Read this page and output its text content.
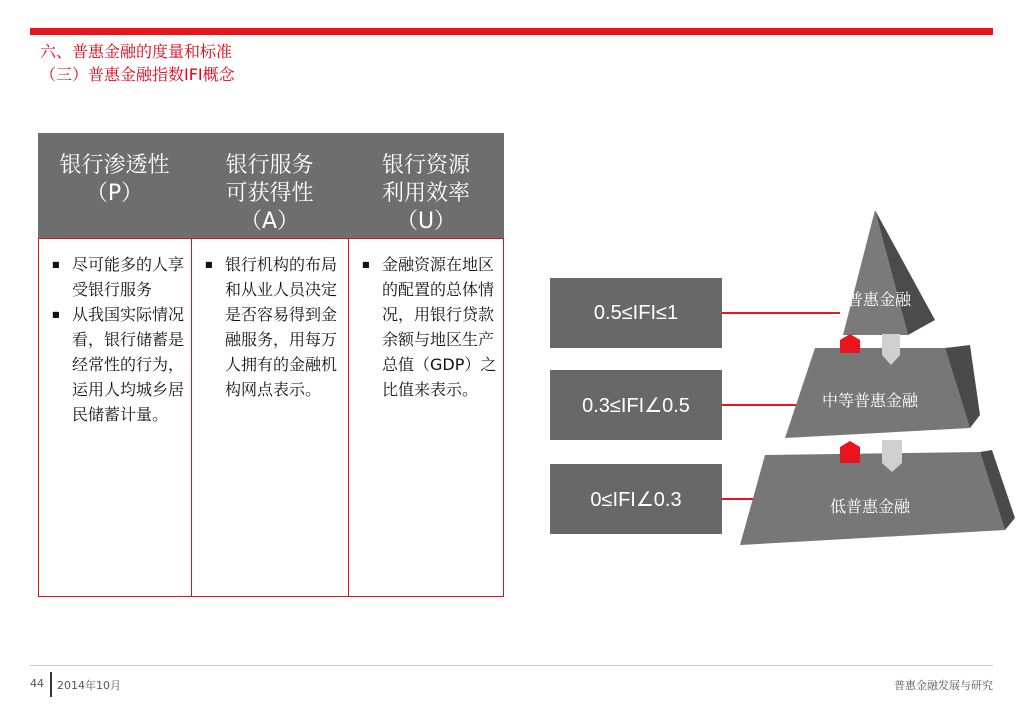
六、普惠金融的度量和标准
（三）普惠金融指数IFI概念
银行渗透性（P）
银行服务可获得性（A）
银行资源利用效率（U）
■ 尽可能多的人享受银行服务
■ 从我国实际情况看，银行储蓄是经常性的行为，运用人均城乡居民储蓄计量。
■ 银行机构的布局和从业人员决定是否容易得到金融服务，用每万人拥有的金融机构网点表示。
■ 金融资源在地区的配置的总体情况，用银行贷款余额与地区生产总值（GDP）之比值来表示。
0.5≤IFI≤1
0.3≤IFI∠0.5
0≤IFI∠0.3
高普惠金融
中等普惠金融
低普惠金融
44 2014年10月	普惠金融发展与研究
